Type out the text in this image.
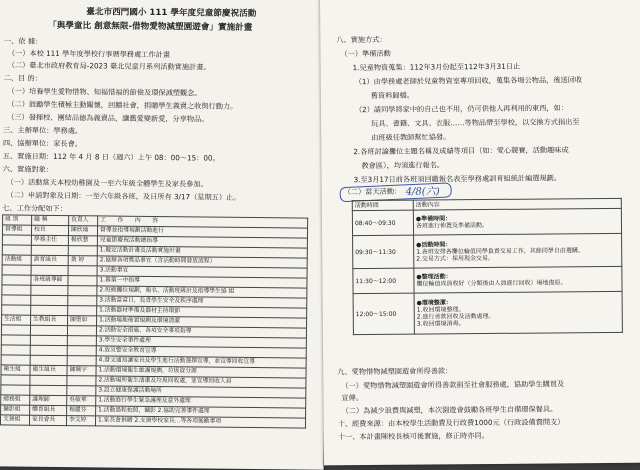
臺北市西門國小 111 學年度兒童節慶祝活動
「與學童比 創意無限-借物愛物減塑園遊會」實施計畫
一、依 據：
（一）本校 111 學年度學校行事曆學務處工作計畫
（二）臺北市政府教育局-2023 臺北兒童月系列活動實施計畫。
二、目 的：
（一）培養學生愛物惜物、知福惜福的節儉及環保減塑觀念。
（二）鼓勵學生積極主動關懷，回饋社會，捐贈學生義賣之收與行動力。
（三）發揮校、團結品德為義賣品，讓舊愛變新愛，分享物品。
三、主辦單位：學務處。
四、協辦單位：家長會。
五、實施日期：112 年 4 月 8 日（週六）上午 08：00～15：00。
六、實施對象：
（一）活動當天本校幼稚園及一至六年級全體學生及家長參加。
（二）申請對象及日期：一至六年級各班，及日所有 3/17（星期五）止。
七、工作分配如下：
組 別	職 稱	負責人	工　　作　　內　　容
督導組	校長	陳欣瑜	督導並指導規劃活動進行
	學務主任	楊欣慧	兒童節慶祝活動總指導
			1.擬定活動計畫及活動實施計畫
活動組	訓育組長	黃 婷	2.協辦各項獎品事宜（含活動時間發放流程）
			3.活動事宜
	各班級導師		1.幕第一中指導
			2.班級攤位規劃，報名、活動班級計及指導學生協 組
			3.活動當當日，負責學生安全及秩序處理
			1.活動器材準備及器材主持環節
生活組	生教組長	陳聖如	1.活動場地佈置規劃及環境清潔
			2.活動安全措施、各項安全事項指導
			3.學生安全事件處理
			4.放災警安全教育宣導
			4.發文通知讓家長及學生進行活動選擇宣導，並宣導回收宣導
衛生組	衛生組長	陳姵宇	1.活動環境衛生維護規劃，垃圾資分源
			2.活動場所衛生清潔及垃圾回收處，並宣導回收人員
			3.設立健康保護活動場所
總務組	護理師	吳敏華	1.活動進行學生緊急護理及意外處理
攝影組	體育組長	楊麗芬	1.活動過程拍照，攝影 2.協助完善事件處理
支援組	家長會長	李文婷	1.家長會捐贈 2.支援學校家長…等各項後勤事項
八、實施方式：
（一）準備活動
1.兒童物資蒐集：112年3月份起至112年3月31日止
（1）由學務處老師於兒童物資室專項回收，蒐集各場公物品，後送回收
舊資料歸檔。
（2）請同學將家中的自己也不用，仍可供他人再利用的東西，如：
玩具、書籍、文具、衣服……等物品帶至學校，以交換方式捐出至
由班級任教師幫忙協發。
2.各班討論攤位主題名稱及成績等項目（如：愛心競賽，活動趣味成
教會區），均須進行報名。
3.至3月17日前各班須回繳報名表至學務處訓育組統計編選規劃。
（二）當天活動： 4/8(六)
活動時間	活動內容
08:40～09:30	●準備時間：
各班進行佈置及準備活動。

09:30～11:30	●活動時間：
1.各班安排各攤位輪值同學負責交易工作，其餘同學自由選購。
2.交易方式：採用現金交易。

11:30～12:00	●整理活動：
攤位輪值成員收好（分類後由人員進行回收）場地復原。

12:00～15:00	●環境整潔：
1.收回環境整理。
2.進行善款回收及活動處理。
3.收回環境消毒。
九、愛物惜物減塑園遊會所得善款：
（一）愛物惜物減塑園遊會所得善款捐至社會服務處，協助學生購買及
宣傳。
（二）為減少浪費與減塑，本次園遊會鼓勵各班學生自備環保餐具。
十、經費來源：由本校學生活動費及行政費1000元（行政設備費開支）
十一、本計畫陳校長核可後實施，修正時亦同。
